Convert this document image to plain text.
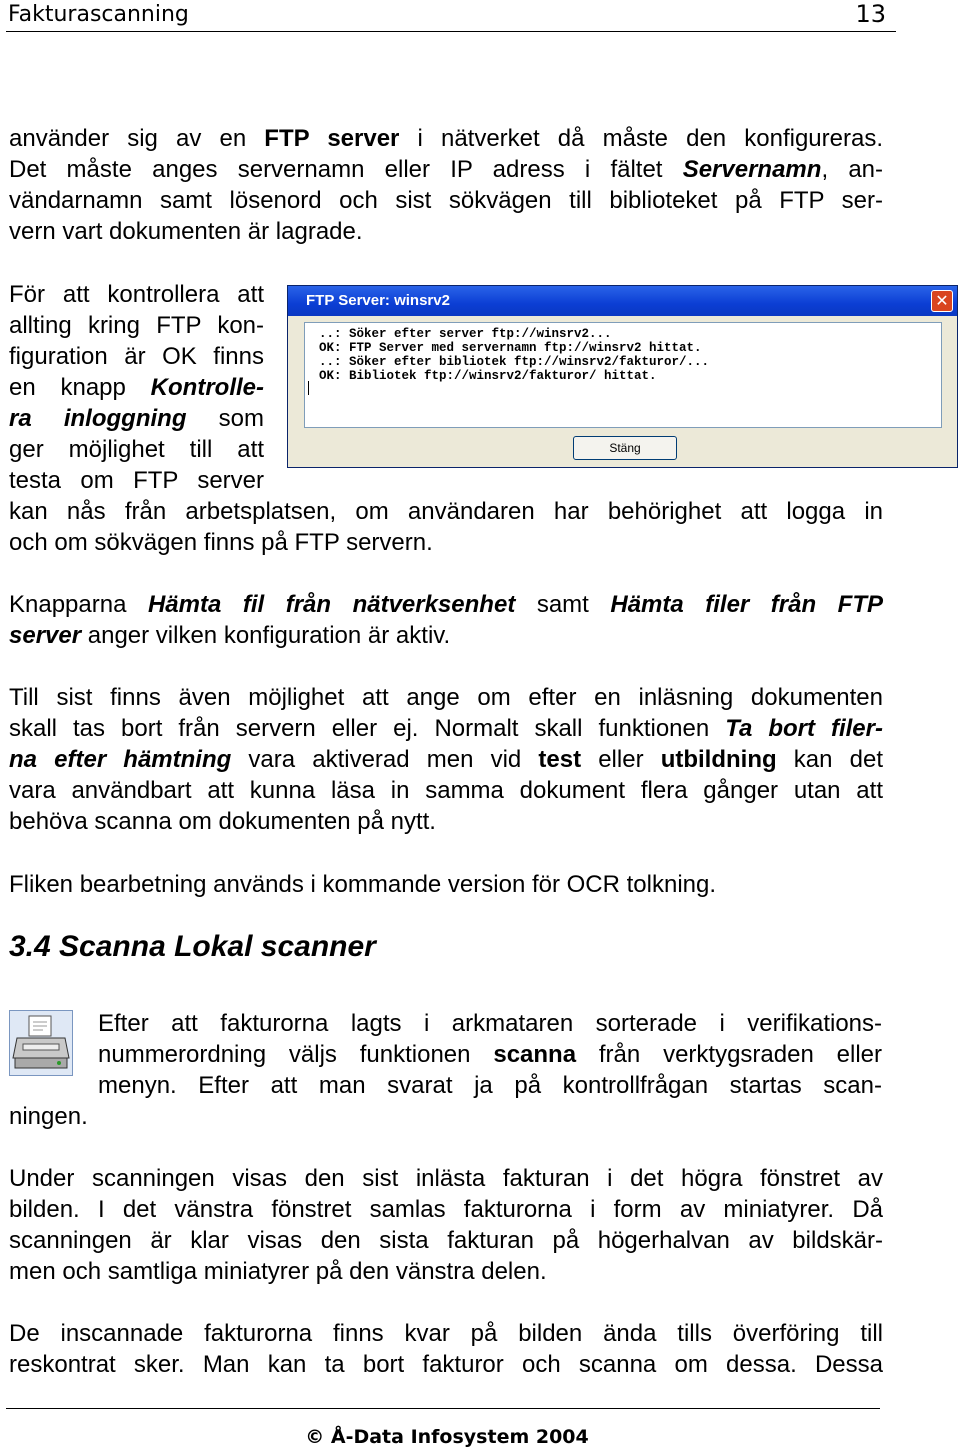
Fakturascanning	13
använder sig av en FTP server i nätverket då måste den konfigureras.
Det måste anges servernamn eller IP adress i fältet Servernamn, an-
vändarnamn samt lösenord och sist sökvägen till biblioteket på FTP ser-
vern vart dokumenten är lagrade.
För att kontrollera att
allting kring FTP kon-
figuration är OK finns
en knapp Kontrolle-
ra inloggning som
ger möjlighet till att
testa om FTP server
kan nås från arbetsplatsen, om användaren har behörighet att logga in
och om sökvägen finns på FTP servern.
FTP Server: winsrv2	✕
..: Söker efter server ftp://winsrv2...
OK: FTP Server med servernamn ftp://winsrv2 hittat.
..: Söker efter bibliotek ftp://winsrv2/fakturor/...
OK: Bibliotek ftp://winsrv2/fakturor/ hittat.
Stäng
Knapparna Hämta fil från nätverksenhet samt Hämta filer från FTP
server anger vilken konfiguration är aktiv.
Till sist finns även möjlighet att ange om efter en inläsning dokumenten
skall tas bort från servern eller ej. Normalt skall funktionen Ta bort filer-
na efter hämtning vara aktiverad men vid test eller utbildning kan det
vara användbart att kunna läsa in samma dokument flera gånger utan att
behöva scanna om dokumenten på nytt.
Fliken bearbetning används i kommande version för OCR tolkning.
3.4 Scanna Lokal scanner
Efter att fakturorna lagts i arkmataren sorterade i verifikations-
nummerordning väljs funktionen scanna från verktygsraden eller
menyn. Efter att man svarat ja på kontrollfrågan startas scan-
ningen.
Under scanningen visas den sist inlästa fakturan i det högra fönstret av
bilden. I det vänstra fönstret samlas fakturorna i form av miniatyrer. Då
scanningen är klar visas den sista fakturan på högerhalvan av bildskär-
men och samtliga miniatyrer på den vänstra delen.
De inscannade fakturorna finns kvar på bilden ända tills överföring till
reskontrat sker. Man kan ta bort fakturor och scanna om dessa. Dessa
© Å-Data Infosystem 2004
